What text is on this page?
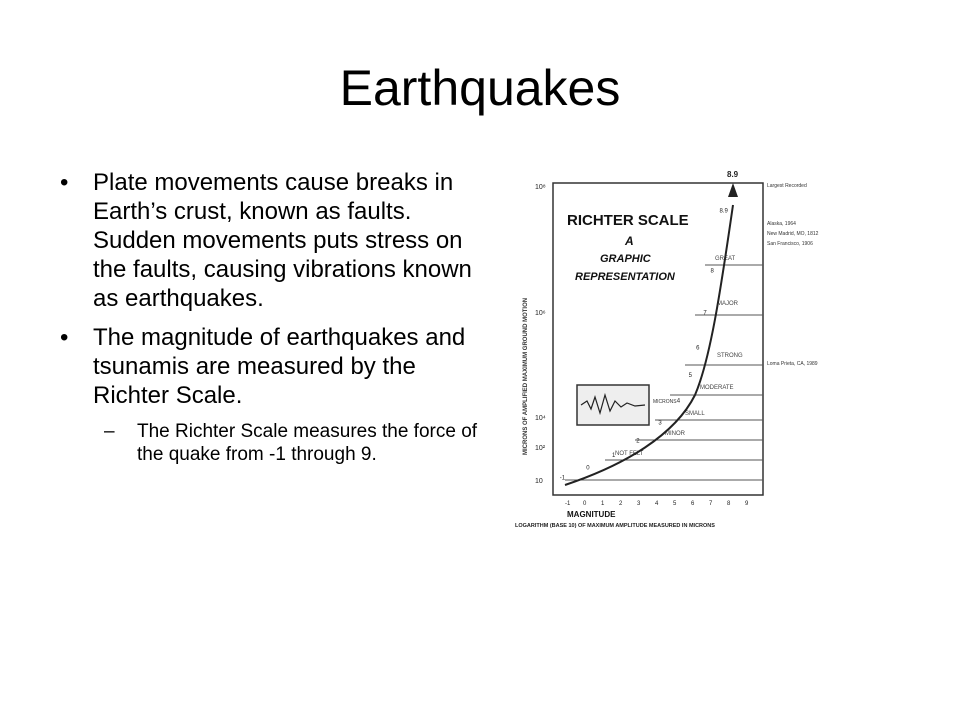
Earthquakes
• Plate movements cause breaks in Earth’s crust, known as faults. Sudden movements puts stress on the faults, causing vibrations known as earthquakes.
• The magnitude of earthquakes and tsunamis are measured by the Richter Scale.
– The Richter Scale measures the force of the quake from -1 through 9.
GREAT
MAJOR
STRONG
MODERATE
SMALL
MINOR
NOT FELT
8.9
RICHTER SCALE
A
GRAPHIC
REPRESENTATION
MICRONS
MICRONS OF AMPLIFIED MAXIMUM GROUND MOTION
10⁸
10⁶
10⁴
10²
10
-1 0 1 2 3 4 5 6 7 8 9
MAGNITUDE
LOGARITHM (BASE 10) OF MAXIMUM AMPLITUDE MEASURED IN MICRONS
Largest Recorded
Alaska, 1964
New Madrid, MO, 1812
San Francisco, 1906
Loma Prieta, CA, 1989
-1
0
1
2
3
4
5
6
7
8
8.9
